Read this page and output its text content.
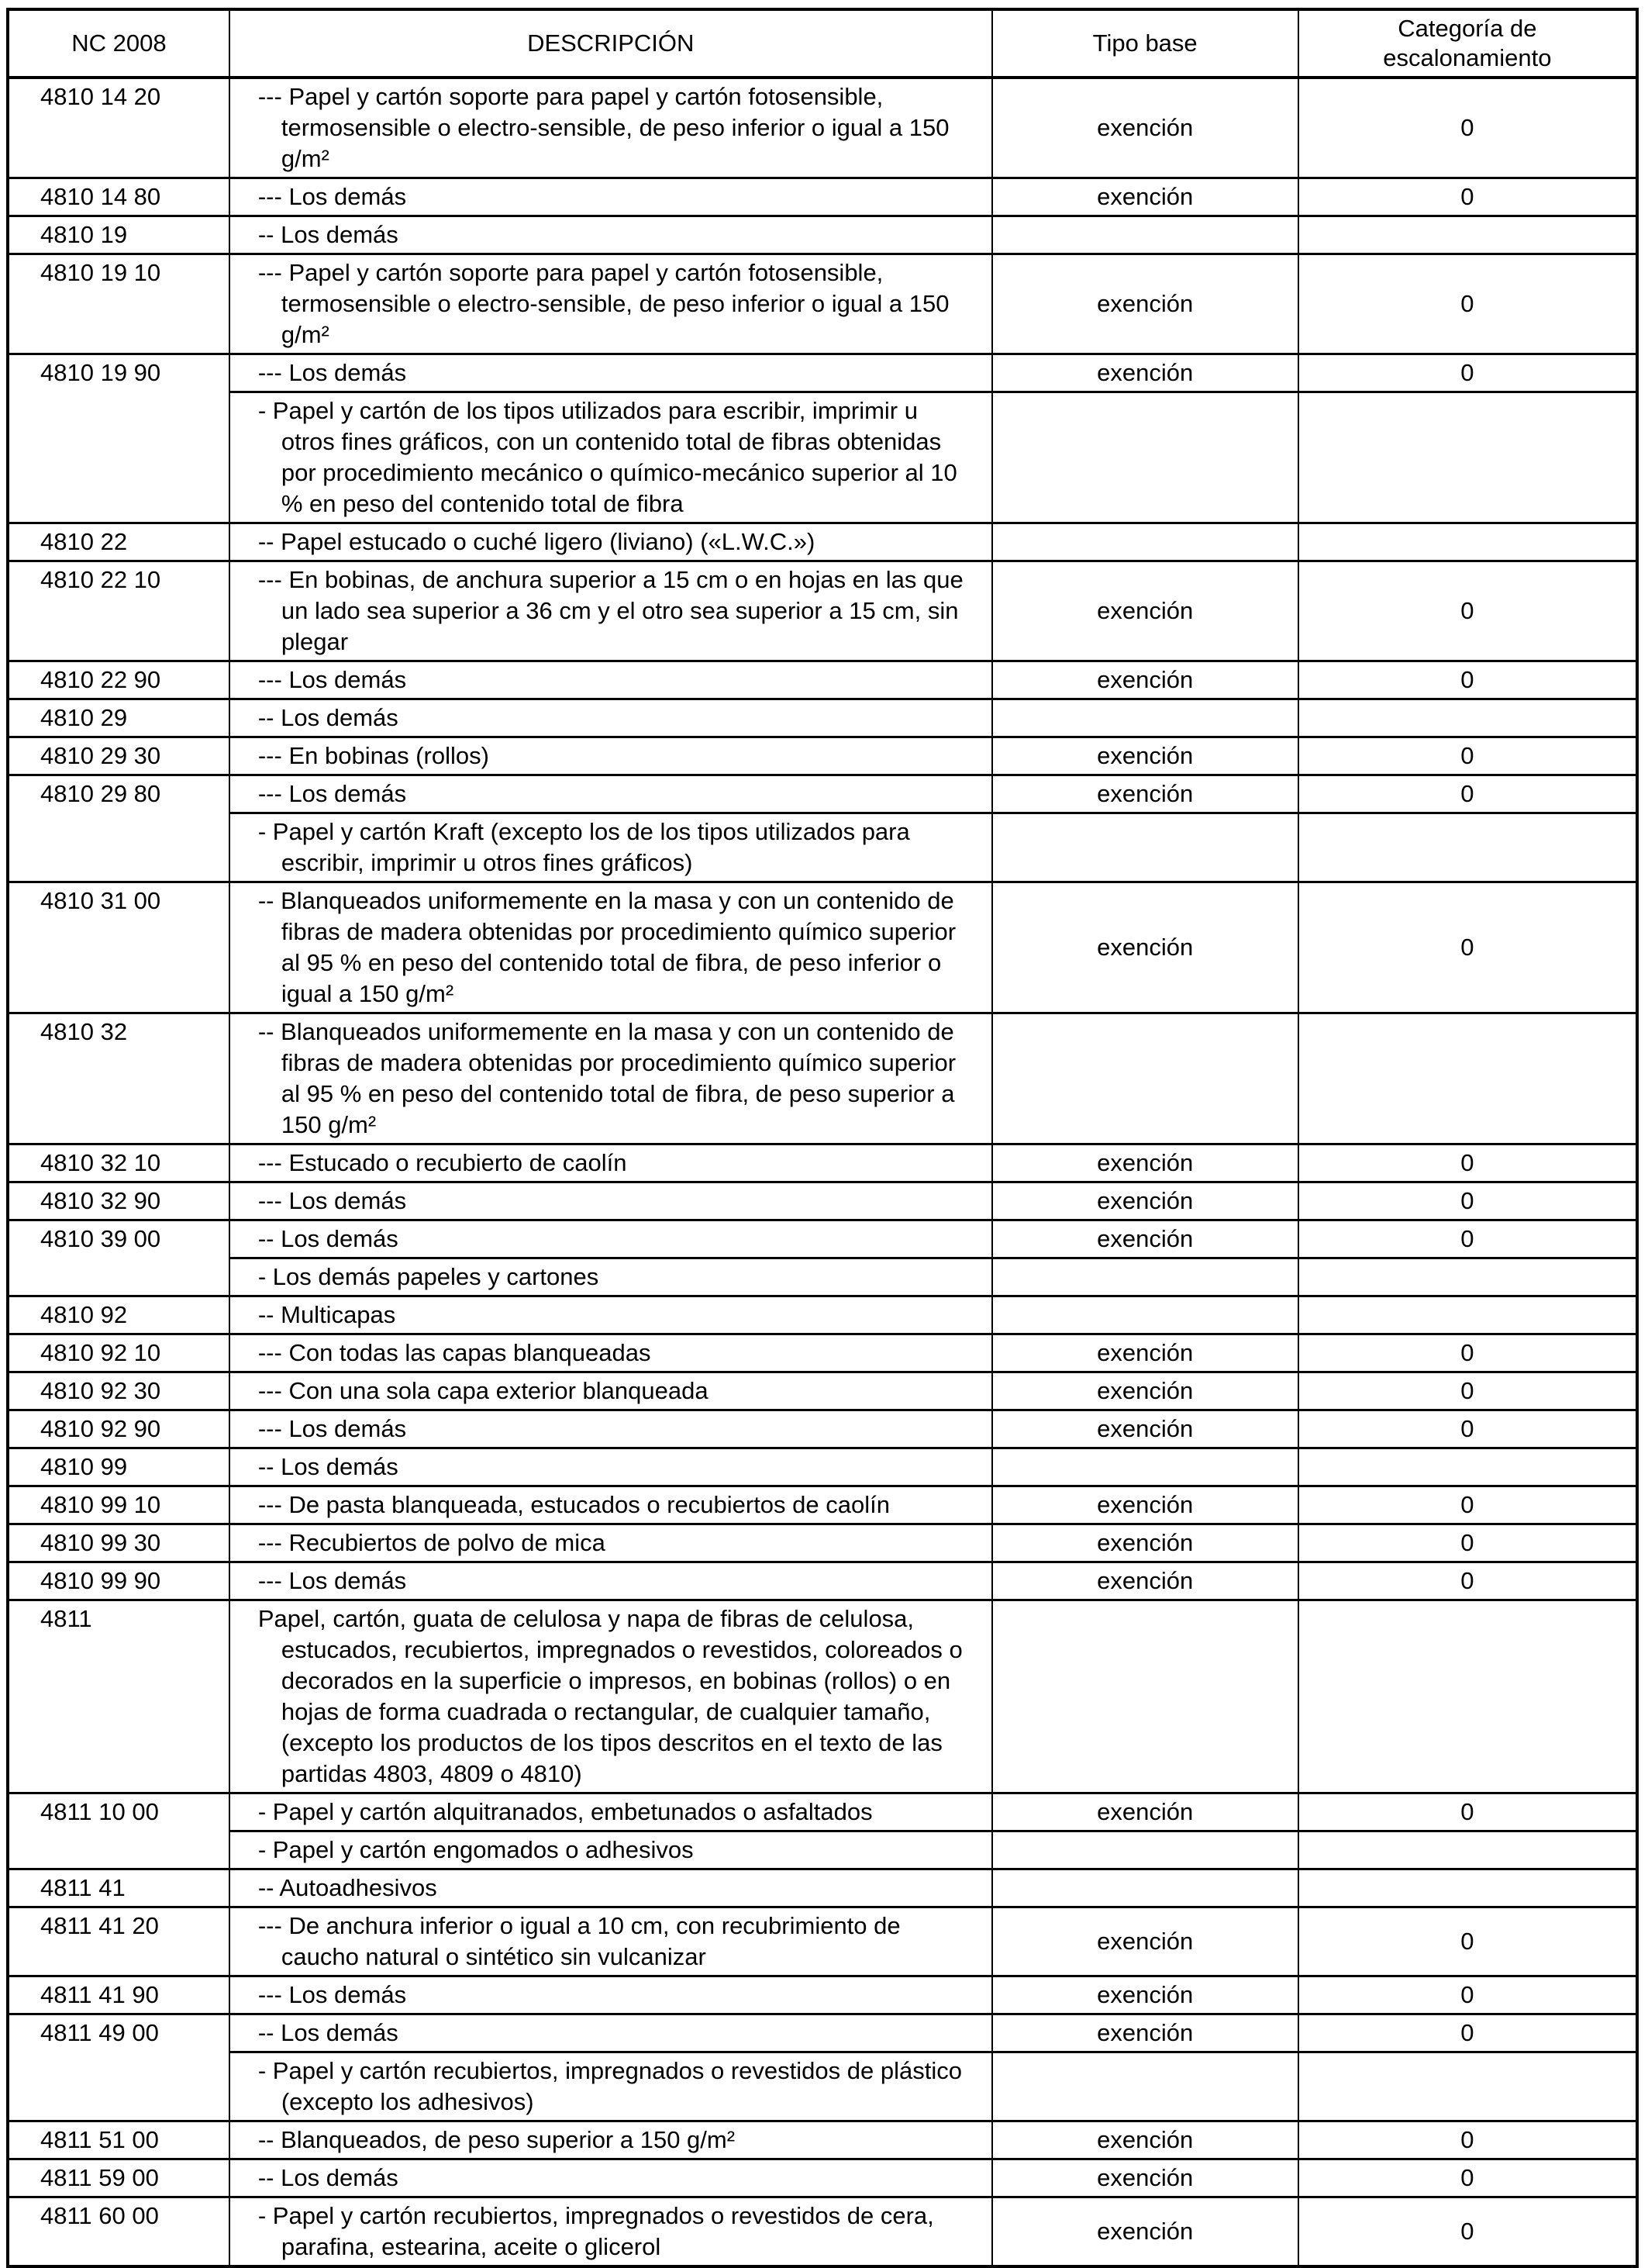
NC 2008	DESCRIPCIÓN	Tipo base	Categoría de escalonamiento
4810 14 20	--- Papel y cartón soporte para papel y cartón fotosensible, termosensible o electro-sensible, de peso inferior o igual a 150 g/m²	exención	0
4810 14 80	--- Los demás	exención	0
4810 19	-- Los demás		

4810 19 10	--- Papel y cartón soporte para papel y cartón fotosensible, termosensible o electro-sensible, de peso inferior o igual a 150 g/m²	exención	0
4810 19 90	--- Los demás	exención	0

	- Papel y cartón de los tipos utilizados para escribir, imprimir u otros fines gráficos, con un contenido total de fibras obtenidas por procedimiento mecánico o químico-mecánico superior al 10 % en peso del contenido total de fibra		

4810 22	-- Papel estucado o cuché ligero (liviano) («L.W.C.»)		

4810 22 10	--- En bobinas, de anchura superior a 15 cm o en hojas en las que un lado sea superior a 36 cm y el otro sea superior a 15 cm, sin plegar	exención	0
4810 22 90	--- Los demás	exención	0
4810 29	-- Los demás		

4810 29 30	--- En bobinas (rollos)	exención	0
4810 29 80	--- Los demás	exención	0

	- Papel y cartón Kraft (excepto los de los tipos utilizados para escribir, imprimir u otros fines gráficos)		

4810 31 00	-- Blanqueados uniformemente en la masa y con un contenido de fibras de madera obtenidas por procedimiento químico superior al 95 % en peso del contenido total de fibra, de peso inferior o igual a 150 g/m²	exención	0
4810 32	-- Blanqueados uniformemente en la masa y con un contenido de fibras de madera obtenidas por procedimiento químico superior al 95 % en peso del contenido total de fibra, de peso superior a 150 g/m²		

4810 32 10	--- Estucado o recubierto de caolín	exención	0
4810 32 90	--- Los demás	exención	0
4810 39 00	-- Los demás	exención	0

	- Los demás papeles y cartones		

4810 92	-- Multicapas		

4810 92 10	--- Con todas las capas blanqueadas	exención	0
4810 92 30	--- Con una sola capa exterior blanqueada	exención	0
4810 92 90	--- Los demás	exención	0
4810 99	-- Los demás		

4810 99 10	--- De pasta blanqueada, estucados o recubiertos de caolín	exención	0
4810 99 30	--- Recubiertos de polvo de mica	exención	0
4810 99 90	--- Los demás	exención	0
4811	Papel, cartón, guata de celulosa y napa de fibras de celulosa, estucados, recubiertos, impregnados o revestidos, coloreados o decorados en la superficie o impresos, en bobinas (rollos) o en hojas de forma cuadrada o rectangular, de cualquier tamaño, (excepto los productos de los tipos descritos en el texto de las partidas 4803, 4809 o 4810)		

4811 10 00	- Papel y cartón alquitranados, embetunados o asfaltados	exención	0

	- Papel y cartón engomados o adhesivos		

4811 41	-- Autoadhesivos		

4811 41 20	--- De anchura inferior o igual a 10 cm, con recubrimiento de caucho natural o sintético sin vulcanizar	exención	0
4811 41 90	--- Los demás	exención	0
4811 49 00	-- Los demás	exención	0

	- Papel y cartón recubiertos, impregnados o revestidos de plástico (excepto los adhesivos)		

4811 51 00	-- Blanqueados, de peso superior a 150 g/m²	exención	0
4811 59 00	-- Los demás	exención	0
4811 60 00	- Papel y cartón recubiertos, impregnados o revestidos de cera, parafina, estearina, aceite o glicerol	exención	0
